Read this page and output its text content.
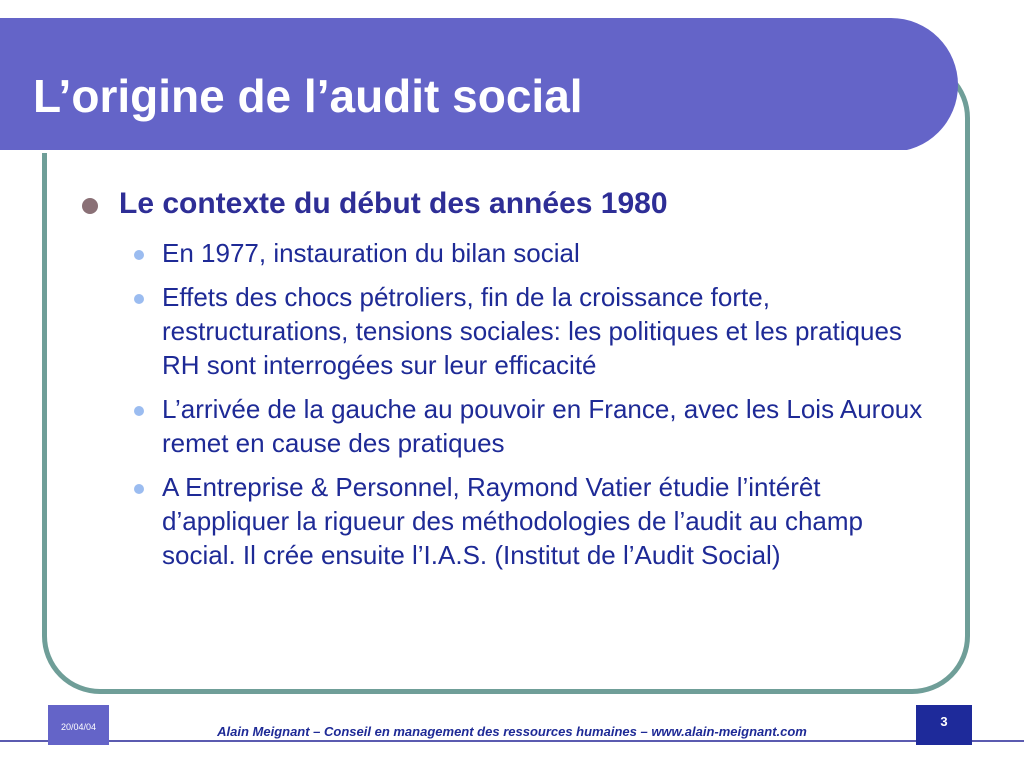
L’origine de l’audit social
Le contexte du début des années 1980
En 1977, instauration du bilan social
Effets des chocs pétroliers, fin de la croissance forte, restructurations, tensions sociales: les politiques et les pratiques RH sont interrogées sur leur efficacité
L’arrivée de la gauche au pouvoir en France, avec les Lois Auroux remet en cause des pratiques
A Entreprise & Personnel, Raymond Vatier étudie l’intérêt d’appliquer la rigueur des méthodologies de l’audit au champ social. Il crée ensuite l’I.A.S. (Institut de l’Audit Social)
20/04/04	Alain Meignant – Conseil en management des ressources humaines – www.alain-meignant.com
3
